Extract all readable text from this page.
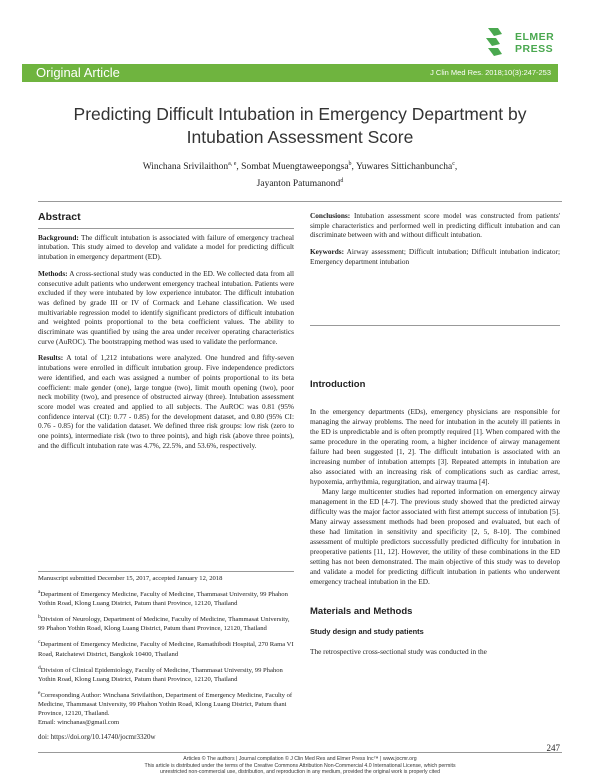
ELMER
PRESS
Original Article	J Clin Med Res. 2018;10(3):247-253
Predicting Difficult Intubation in Emergency Department by Intubation Assessment Score
Winchana Srivilaithon$^{a, e}$, Sombat Muengtaweepongsa$^b$, Yuwares Sittichanbuncha$^c$,
Jayanton Patumanond$^d$
Abstract

Background: The difficult intubation is associated with failure of emergency tracheal intubation. This study aimed to develop and validate a model for predicting difficult intubation in emergency department (ED).

Methods: A cross-sectional study was conducted in the ED. We collected data from all consecutive adult patients who underwent emergency tracheal intubation. Patients were excluded if they were intubated by low experience intubator. The difficult intubation was defined by grade III or IV of Cormack and Lehane classification. We used multivariable regression model to identify significant predictors of difficult intubation and weighted points proportional to the beta coefficient values. The ability to discriminate was quantified by using the area under receiver operating characteristics curve (AuROC). The bootstrapping method was used to validate the performance.

Results: A total of 1,212 intubations were analyzed. One hundred and fifty-seven intubations were enrolled in difficult intubation group. Five independence predictors were identified, and each was assigned a number of points proportional to its beta coefficient: male gender (one), large tongue (two), limit mouth opening (two), poor neck mobility (two), and presence of obstructed airway (three). Intubation assessment score model was created and applied to all subjects. The AuROC was 0.81 (95% confidence interval (CI): 0.77 - 0.85) for the development dataset, and 0.80 (95% CI: 0.76 - 0.85) for the validation dataset. We defined three risk groups: low risk (zero to one points), intermediate risk (two to three points), and high risk (above three points), and the difficult intubation rate was 4.7%, 22.5%, and 53.6%, respectively.

Manuscript submitted December 15, 2017, accepted January 12, 2018

$^a$Department of Emergency Medicine, Faculty of Medicine, Thammasat University, 99 Phahon Yothin Road, Klong Luang District, Patum thani Province, 12120, Thailand

$^b$Division of Neurology, Department of Medicine, Faculty of Medicine, Thammasat University, 99 Phahon Yothin Road, Klong Luang District, Patum thani Province, 12120, Thailand

$^c$Department of Emergency Medicine, Faculty of Medicine, Ramathibodi Hospital, 270 Rama VI Road, Ratchatewi District, Bangkok 10400, Thailand

$^d$Division of Clinical Epidemiology, Faculty of Medicine, Thammasat University, 99 Phahon Yothin Road, Klong Luang District, Patum thani Province, 12120, Thailand

$^e$Corresponding Author: Winchana Srivilaithon, Department of Emergency Medicine, Faculty of Medicine, Thammasat University, 99 Phahon Yothin Road, Klong Luang District, Patum thani Province, 12120, Thailand.
Email: winchanas@gmail.com

doi: https://doi.org/10.14740/jocmr3320w

Conclusions: Intubation assessment score model was constructed from patients' simple characteristics and performed well in predicting difficult intubation and can discriminate between with and without difficult intubation.

Keywords: Airway assessment; Difficult intubation; Difficult intubation indicator; Emergency department intubation

Introduction

In the emergency departments (EDs), emergency physicians are responsible for managing the airway problems. The need for intubation in the acutely ill patients in the ED is unpredictable and is often promptly required [1]. When compared with the same procedure in the operating room, a higher incidence of airway management failure had been suggested [1, 2]. The difficult intubation is associated with an increasing number of intubation attempts [3]. Repeated attempts in intubation are also associated with an increasing risk of complications such as cardiac arrest, hypoxemia, arrhythmia, regurgitation, and airway trauma [4].

Many large multicenter studies had reported information on emergency airway management in the ED [4-7]. The previous study showed that the predicted airway difficulty was the major factor associated with first attempt success of intubation [5]. Many airway assessment methods had been proposed and evaluated, but each of these had limitation in sensitivity and specificity [2, 5, 8-10]. The combined assessment of multiple predictors successfully predicted difficulty for intubation in preoperative patients [11, 12]. However, the utility of these combinations in the ED setting has not been demonstrated. The main objective of this study was to develop and validate a model for predicting difficult intubation in patients who underwent emergency tracheal intubation in the ED.

Materials and Methods
Study design and study patients

The retrospective cross-sectional study was conducted in the

247
Articles © The authors | Journal compilation © J Clin Med Res and Elmer Press Inc™ | www.jocmr.org
This article is distributed under the terms of the Creative Commons Attribution Non-Commercial 4.0 International License, which permits
unrestricted non-commercial use, distribution, and reproduction in any medium, provided the original work is properly cited
